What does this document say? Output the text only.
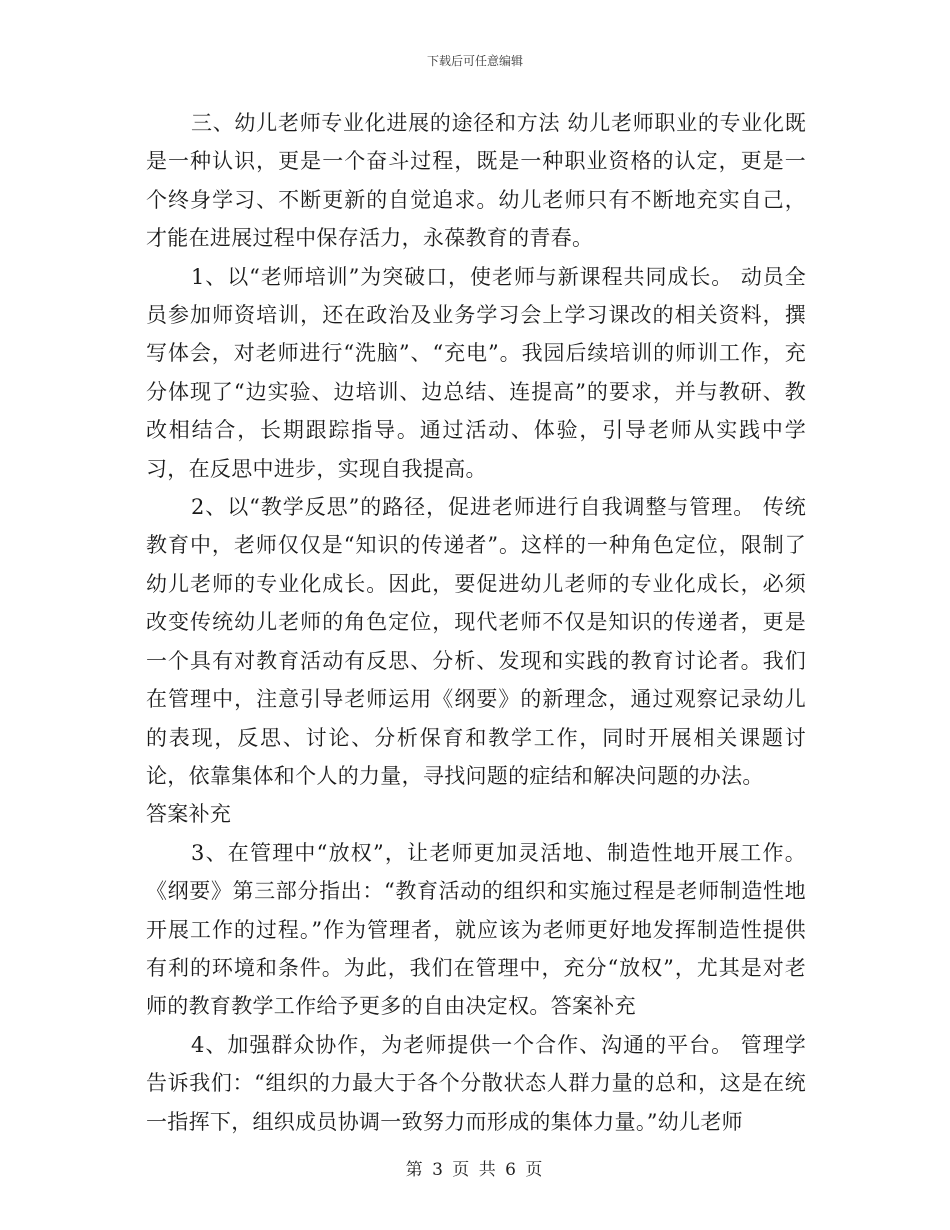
下载后可任意编辑

三、幼儿老师专业化进展的途径和方法 幼儿老师职业的专业化既是一种认识，更是一个奋斗过程，既是一种职业资格的认定，更是一个终身学习、不断更新的自觉追求。幼儿老师只有不断地充实自己，才能在进展过程中保存活力，永葆教育的青春。

1、以“老师培训”为突破口，使老师与新课程共同成长。 动员全员参加师资培训，还在政治及业务学习会上学习课改的相关资料，撰写体会，对老师进行“洗脑”、“充电”。我园后续培训的师训工作，充分体现了“边实验、边培训、边总结、连提高”的要求，并与教研、教改相结合，长期跟踪指导。通过活动、体验，引导老师从实践中学习，在反思中进步，实现自我提高。

2、以“教学反思”的路径，促进老师进行自我调整与管理。 传统教育中，老师仅仅是“知识的传递者”。这样的一种角色定位，限制了幼儿老师的专业化成长。因此，要促进幼儿老师的专业化成长，必须改变传统幼儿老师的角色定位，现代老师不仅是知识的传递者，更是一个具有对教育活动有反思、分析、发现和实践的教育讨论者。我们在管理中，注意引导老师运用《纲要》的新理念，通过观察记录幼儿的表现，反思、讨论、分析保育和教学工作，同时开展相关课题讨论，依靠集体和个人的力量，寻找问题的症结和解决问题的办法。

答案补充

3、在管理中“放权”，让老师更加灵活地、制造性地开展工作。《纲要》第三部分指出：“教育活动的组织和实施过程是老师制造性地开展工作的过程。”作为管理者，就应该为老师更好地发挥制造性提供有利的环境和条件。为此，我们在管理中，充分“放权”，尤其是对老师的教育教学工作给予更多的自由决定权。答案补充

4、加强群众协作，为老师提供一个合作、沟通的平台。 管理学告诉我们：“组织的力最大于各个分散状态人群力量的总和，这是在统一指挥下，组织成员协调一致努力而形成的集体力量。”幼儿老师

第 3 页 共 6 页
